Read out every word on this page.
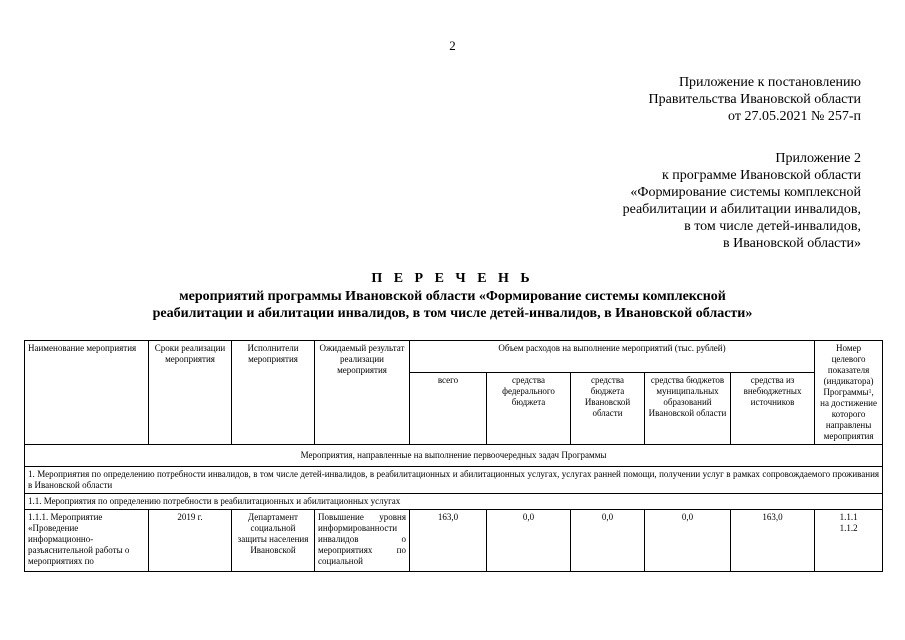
2
Приложение к постановлению
Правительства Ивановской области
от 27.05.2021 № 257-п
Приложение 2
к программе Ивановской области
«Формирование системы комплексной
реабилитации и абилитации инвалидов,
в том числе детей-инвалидов,
в Ивановской области»
П Е Р Е Ч Е Н Ь
мероприятий программы Ивановской области «Формирование системы комплексной
реабилитации и абилитации инвалидов, в том числе детей-инвалидов, в Ивановской области»
Наименование мероприятия	Сроки реализации мероприятия	Исполнители мероприятия	Ожидаемый результат реализации мероприятия	Объем расходов на выполнение мероприятий (тыс. рублей)					Номер целевого показателя (индикатора) Программы$^1$, на достижение которого направлены мероприятия
				всего	средства федерального бюджета	средства бюджета Ивановской области	средства бюджетов муниципальных образований Ивановской области	средства из внебюджетных источников	
Мероприятия, направленные на выполнение первоочередных задач Программы									
1. Мероприятия по определению потребности инвалидов, в том числе детей-инвалидов, в реабилитационных и абилитационных услугах, услугах ранней помощи, получении услуг в рамках сопровождаемого проживания в Ивановской области									
1.1. Мероприятия по определению потребности в реабилитационных и абилитационных услугах									
1.1.1. Мероприятие «Проведение информационно-разъяснительной работы о мероприятиях по	2019 г.	Департамент социальной защиты населения Ивановской	Повышение уровня информированности инвалидов о мероприятиях по социальной	163,0	0,0	0,0	0,0	163,0	1.1.1
1.1.2
